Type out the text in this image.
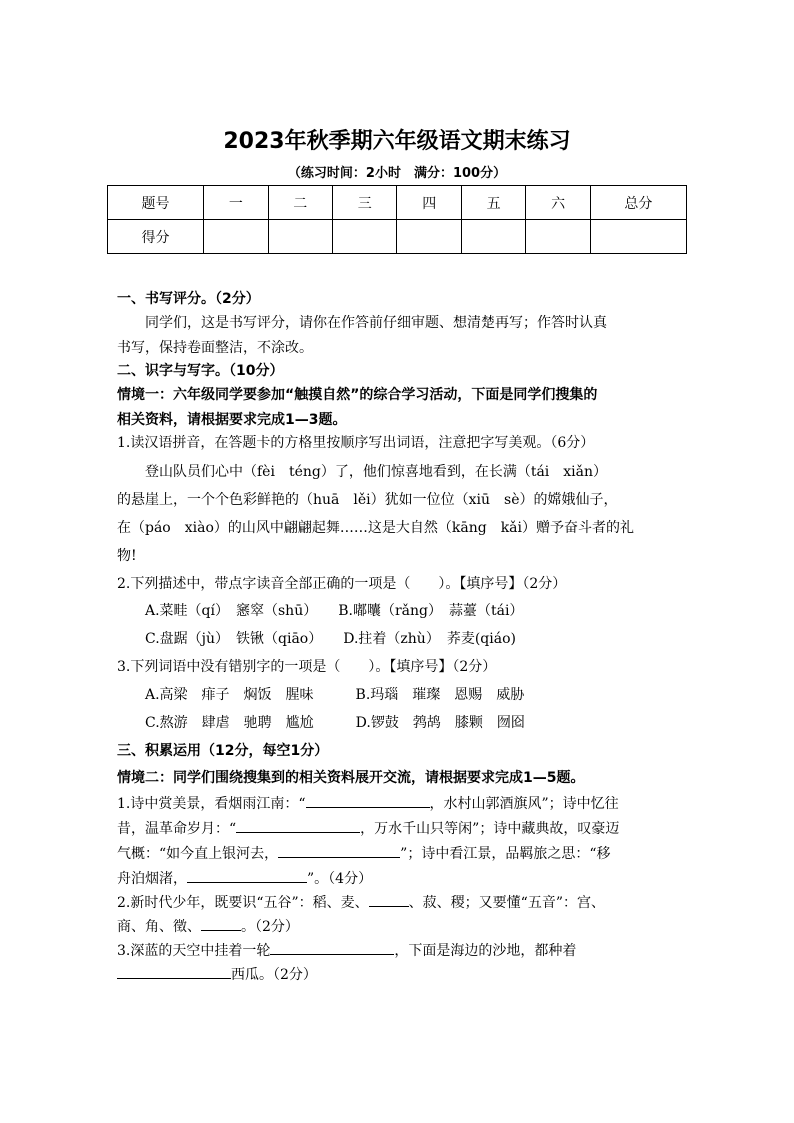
2023年秋季期六年级语文期末练习
（练习时间：2小时　满分：100分）
题号	一	二	三	四	五	六	总分
得分							
一、书写评分。（2分）
同学们，这是书写评分，请你在作答前仔细审题、想清楚再写；作答时认真
书写，保持卷面整洁，不涂改。
二、识字与写字。（10分）
情境一：六年级同学要参加“触摸自然”的综合学习活动，下面是同学们搜集的
相关资料，请根据要求完成1—3题。
1.读汉语拼音，在答题卡的方格里按顺序写出词语，注意把字写美观。（6分）
登山队员们心中（fèi　téng）了，他们惊喜地看到，在长满（tái　xiǎn）
的悬崖上，一个个色彩鲜艳的（huā　lěi）犹如一位位（xiū　sè）的嫦娥仙子，
在（páo　xiào）的山风中翩翩起舞……这是大自然（kāng　kǎi）赠予奋斗者的礼
物!
2.下列描述中，带点字读音全部正确的一项是（　　）。【填序号】（2分）
A.菜畦（qí）　窸窣（shū）　　B.嘟囔（rǎng）　蒜薹（tái）
C.盘踞（jù）　铁锹（qiāo）　　D.拄着（zhù）　荞麦(qiáo)
3.下列词语中没有错别字的一项是（　　）。【填序号】（2分）
A.高梁　痱子　焖饭　腥味　　　B.玛瑙　璀璨　恩赐　威胁
C.熬游　肆虐　驰聘　尴尬　　　D.锣鼓　鹁鸪　膝颗　囫囵
三、积累运用（12分，每空1分）
情境二：同学们围绕搜集到的相关资料展开交流，请根据要求完成1—5题。
1.诗中赏美景，看烟雨江南：“	，水村山郭酒旗风”；诗中忆往
昔，温革命岁月：“	，万水千山只等闲”；诗中藏典故，叹豪迈
气概：“如今直上银河去，	”；诗中看江景，品羁旅之思：“移
舟泊烟渚，	”。（4分）
2.新时代少年，既要识“五谷”：稻、麦、	、菽、稷；又要懂“五音”：宫、
商、角、徵、	。（2分）
3.深蓝的天空中挂着一轮	，下面是海边的沙地，都种着
西瓜。（2分）
